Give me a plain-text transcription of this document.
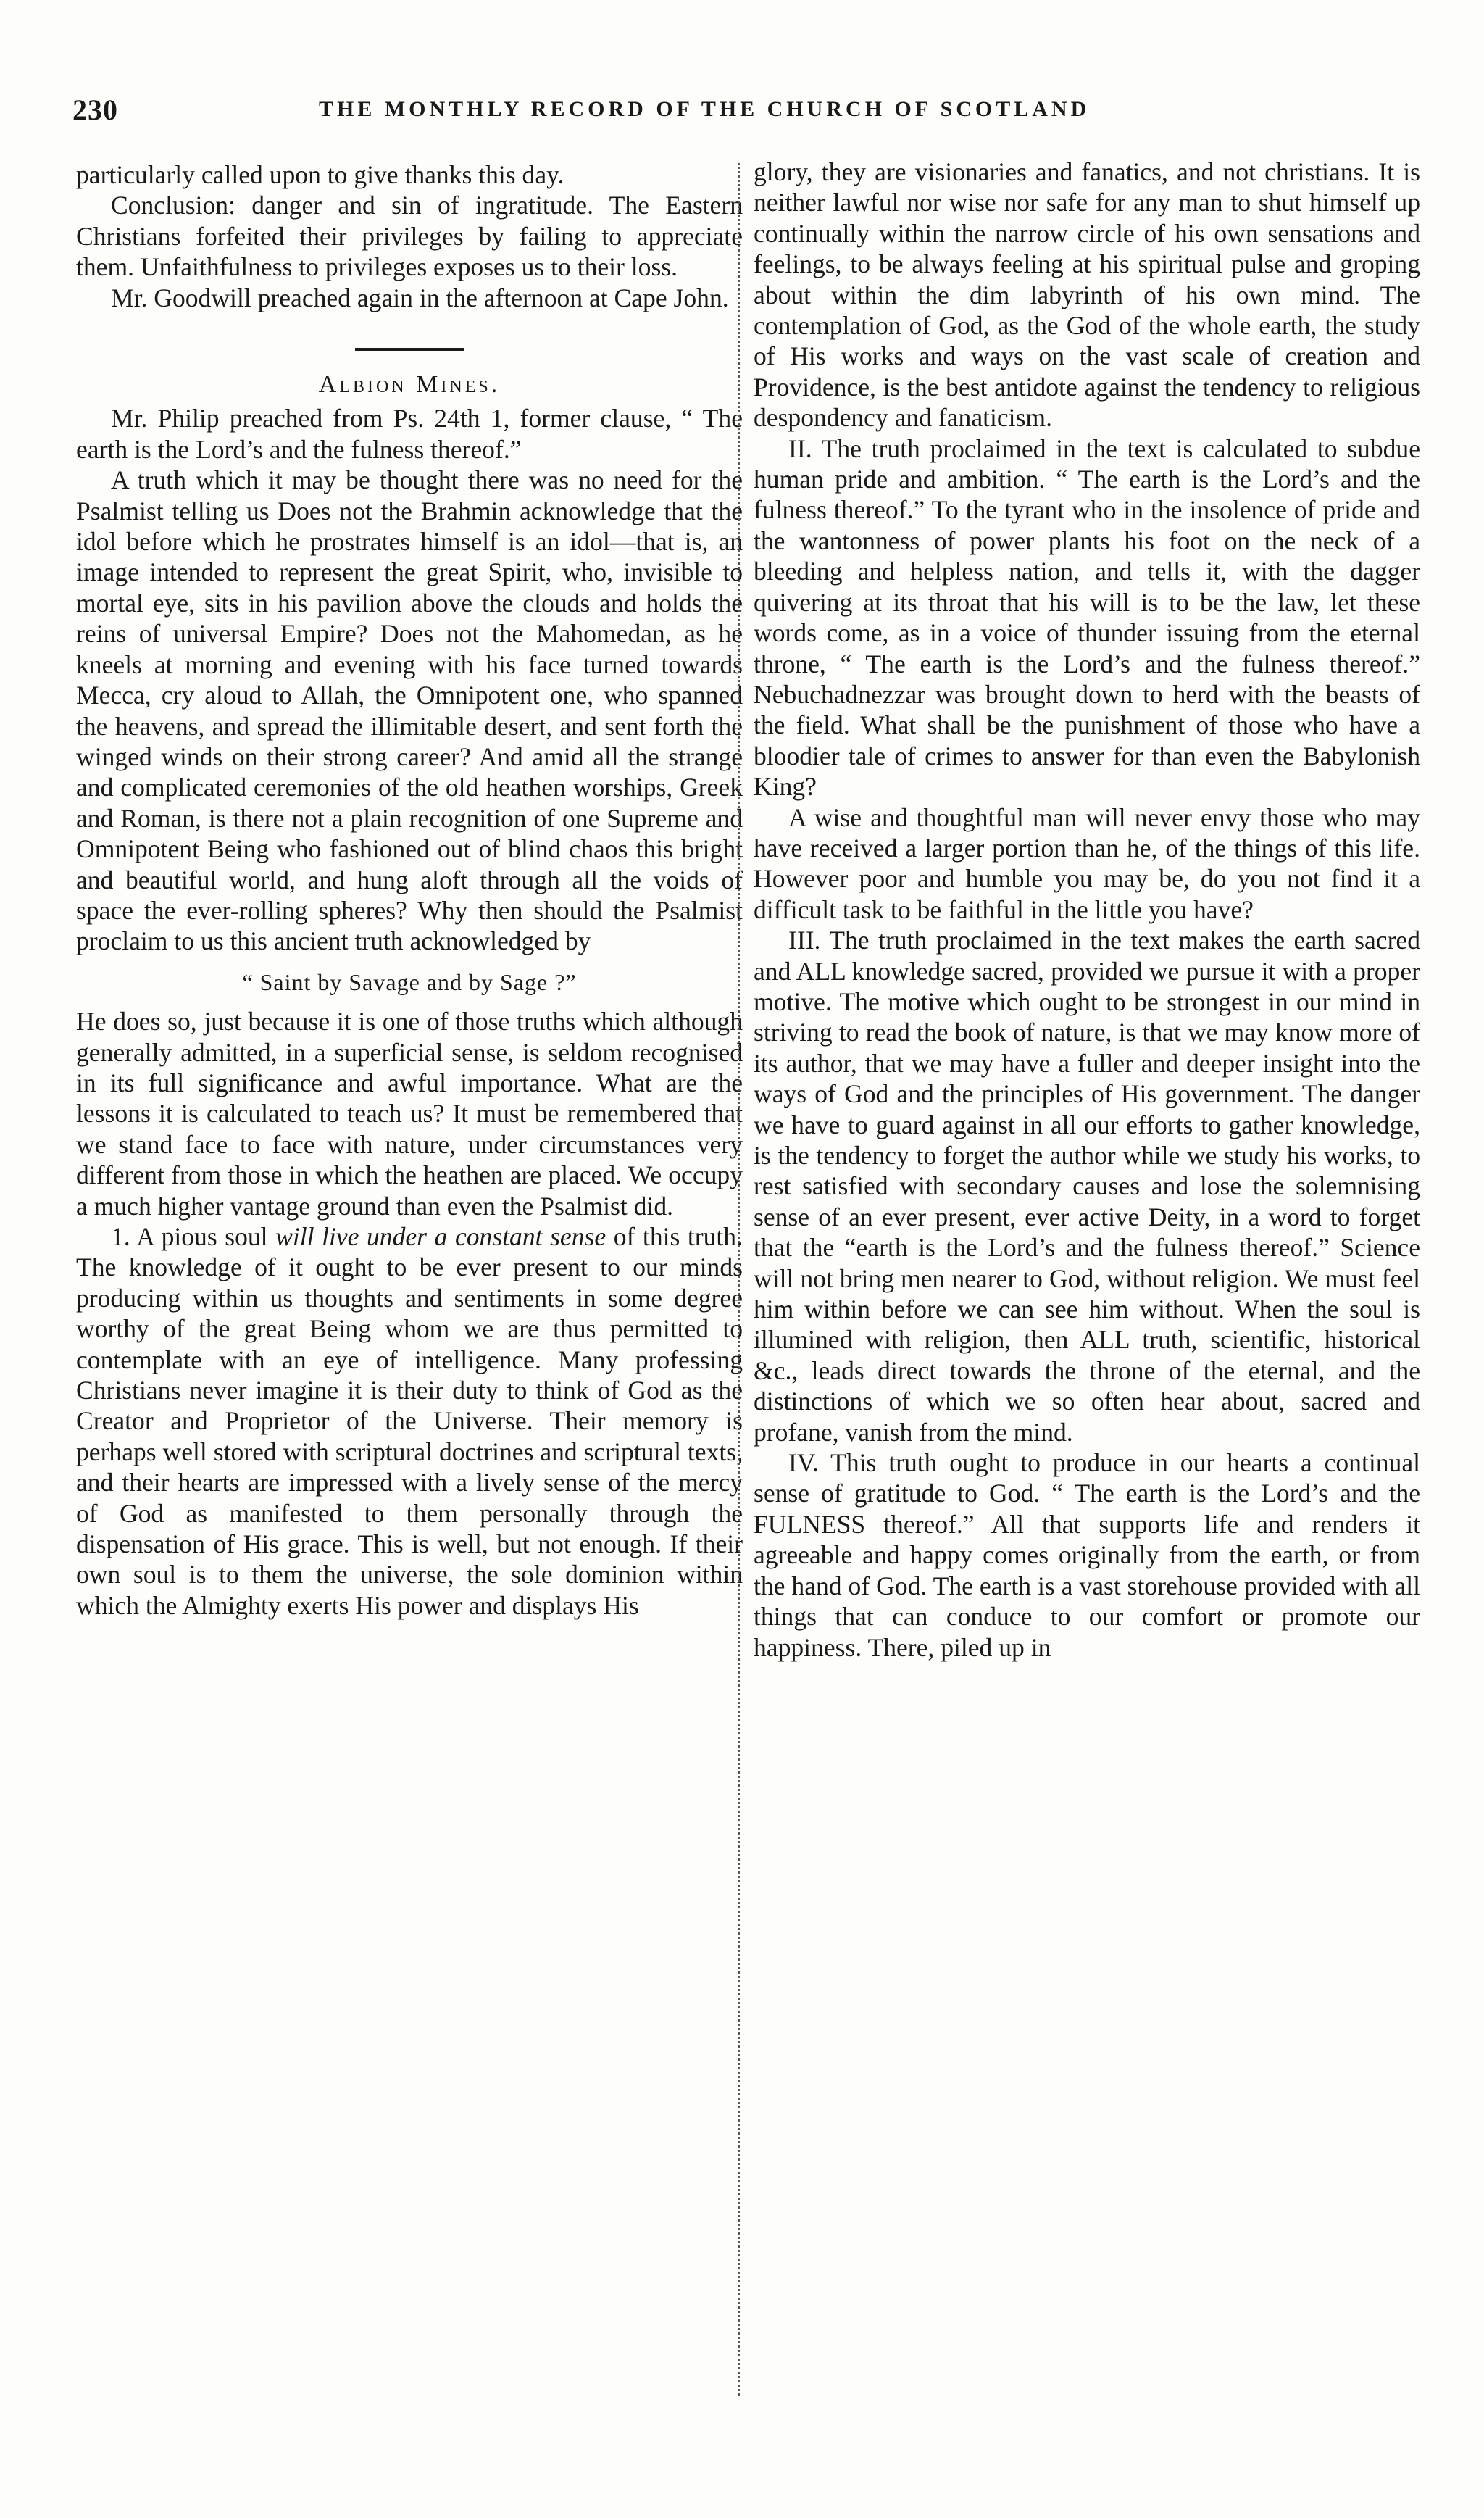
230	THE MONTHLY RECORD OF THE CHURCH OF SCOTLAND

particularly called upon to give thanks this day.

Conclusion: danger and sin of ingratitude. The Eastern Christians forfeited their privileges by failing to appreciate them. Unfaithfulness to privileges exposes us to their loss.

Mr. Goodwill preached again in the afternoon at Cape John.

Albion Mines.

Mr. Philip preached from Ps. 24th 1, former clause, “ The earth is the Lord’s and the fulness thereof.”

A truth which it may be thought there was no need for the Psalmist telling us Does not the Brahmin acknowledge that the idol before which he prostrates himself is an idol—that is, an image intended to represent the great Spirit, who, invisible to mortal eye, sits in his pavilion above the clouds and holds the reins of universal Empire? Does not the Mahomedan, as he kneels at morning and evening with his face turned towards Mecca, cry aloud to Allah, the Omnipotent one, who spanned the heavens, and spread the illimitable desert, and sent forth the winged winds on their strong career? And amid all the strange and complicated ceremonies of the old heathen worships, Greek and Roman, is there not a plain recognition of one Supreme and Omnipotent Being who fashioned out of blind chaos this bright and beautiful world, and hung aloft through all the voids of space the ever-rolling spheres? Why then should the Psalmist proclaim to us this ancient truth acknowledged by

“ Saint by Savage and by Sage ?”

He does so, just because it is one of those truths which although generally admitted, in a superficial sense, is seldom recognised in its full significance and awful importance. What are the lessons it is calculated to teach us? It must be remembered that we stand face to face with nature, under circumstances very different from those in which the heathen are placed. We occupy a much higher vantage ground than even the Psalmist did.

1. A pious soul will live under a constant sense of this truth. The knowledge of it ought to be ever present to our minds producing within us thoughts and sentiments in some degree worthy of the great Being whom we are thus permitted to contemplate with an eye of intelligence. Many professing Christians never imagine it is their duty to think of God as the Creator and Proprietor of the Universe. Their memory is perhaps well stored with scriptural doctrines and scriptural texts, and their hearts are impressed with a lively sense of the mercy of God as manifested to them personally through the dispensation of His grace. This is well, but not enough. If their own soul is to them the universe, the sole dominion within which the Almighty exerts His power and displays His

glory, they are visionaries and fanatics, and not christians. It is neither lawful nor wise nor safe for any man to shut himself up continually within the narrow circle of his own sensations and feelings, to be always feeling at his spiritual pulse and groping about within the dim labyrinth of his own mind. The contemplation of God, as the God of the whole earth, the study of His works and ways on the vast scale of creation and Providence, is the best antidote against the tendency to religious despondency and fanaticism.

II. The truth proclaimed in the text is calculated to subdue human pride and ambition. “ The earth is the Lord’s and the fulness thereof.” To the tyrant who in the insolence of pride and the wantonness of power plants his foot on the neck of a bleeding and helpless nation, and tells it, with the dagger quivering at its throat that his will is to be the law, let these words come, as in a voice of thunder issuing from the eternal throne, “ The earth is the Lord’s and the fulness thereof.” Nebuchadnezzar was brought down to herd with the beasts of the field. What shall be the punishment of those who have a bloodier tale of crimes to answer for than even the Babylonish King?

A wise and thoughtful man will never envy those who may have received a larger portion than he, of the things of this life. However poor and humble you may be, do you not find it a difficult task to be faithful in the little you have?

III. The truth proclaimed in the text makes the earth sacred and ALL knowledge sacred, provided we pursue it with a proper motive. The motive which ought to be strongest in our mind in striving to read the book of nature, is that we may know more of its author, that we may have a fuller and deeper insight into the ways of God and the principles of His government. The danger we have to guard against in all our efforts to gather knowledge, is the tendency to forget the author while we study his works, to rest satisfied with secondary causes and lose the solemnising sense of an ever present, ever active Deity, in a word to forget that the “earth is the Lord’s and the fulness thereof.” Science will not bring men nearer to God, without religion. We must feel him within before we can see him without. When the soul is illumined with religion, then ALL truth, scientific, historical &c., leads direct towards the throne of the eternal, and the distinctions of which we so often hear about, sacred and profane, vanish from the mind.

IV. This truth ought to produce in our hearts a continual sense of gratitude to God. “ The earth is the Lord’s and the FULNESS thereof.” All that supports life and renders it agreeable and happy comes originally from the earth, or from the hand of God. The earth is a vast storehouse provided with all things that can conduce to our comfort or promote our happiness. There, piled up in
